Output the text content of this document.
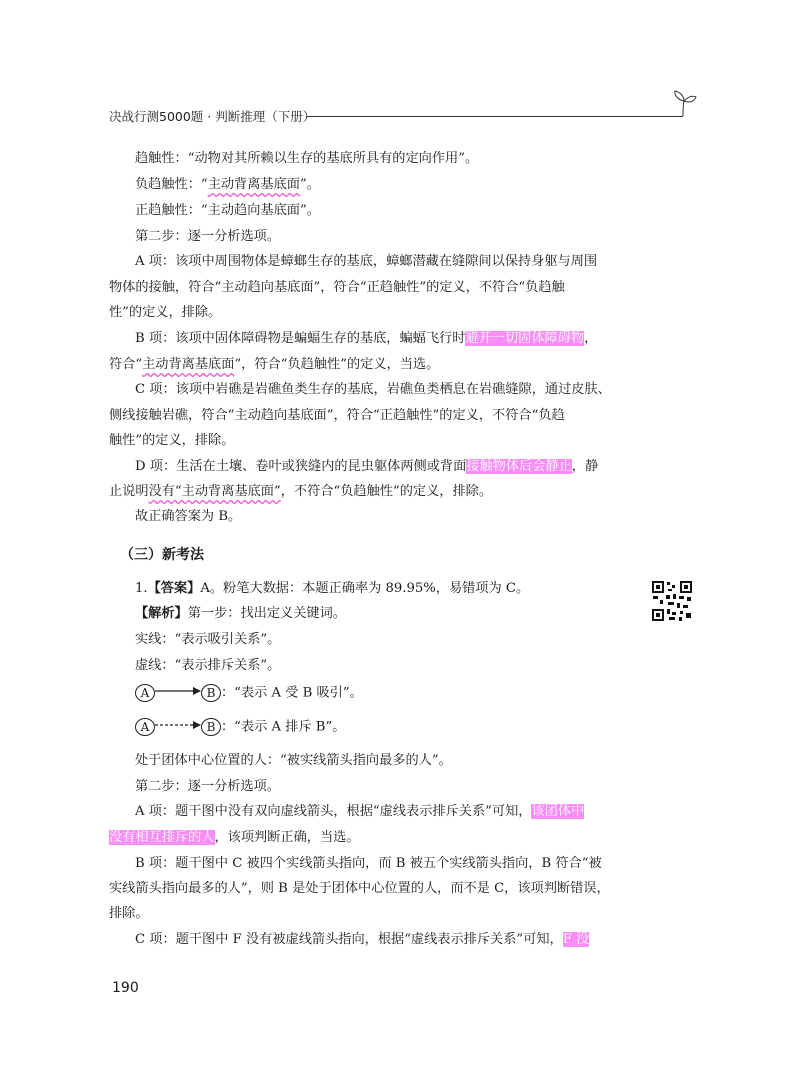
决战行测5000题 · 判断推理（下册）
趋触性：“动物对其所赖以生存的基底所具有的定向作用”。
负趋触性：“主动背离基底面”。
正趋触性：“主动趋向基底面”。
第二步：逐一分析选项。
A 项：该项中周围物体是蟑螂生存的基底，蟑螂潜藏在缝隙间以保持身躯与周围
物体的接触，符合“主动趋向基底面”，符合“正趋触性”的定义，不符合“负趋触
性”的定义，排除。
B 项：该项中固体障碍物是蝙蝠生存的基底，蝙蝠飞行时避开一切固体障碍物，
符合“主动背离基底面”，符合“负趋触性”的定义，当选。
C 项：该项中岩礁是岩礁鱼类生存的基底，岩礁鱼类栖息在岩礁缝隙，通过皮肤、
侧线接触岩礁，符合“主动趋向基底面”，符合“正趋触性”的定义，不符合“负趋
触性”的定义，排除。
D 项：生活在土壤、卷叶或狭缝内的昆虫躯体两侧或背面接触物体后会静止，静
止说明没有“主动背离基底面”，不符合“负趋触性”的定义，排除。
故正确答案为 B。
（三）新考法
1.【答案】A。粉笔大数据：本题正确率为 89.95%，易错项为 C。
【解析】第一步：找出定义关键词。
实线：“表示吸引关系”。
虚线：“表示排斥关系”。
A	B ：“表示 A 受 B 吸引”。
A	B ：“表示 A 排斥 B”。
处于团体中心位置的人：“被实线箭头指向最多的人”。
第二步：逐一分析选项。
A 项：题干图中没有双向虚线箭头，根据“虚线表示排斥关系”可知，该团体中
没有相互排斥的人，该项判断正确，当选。
B 项：题干图中 C 被四个实线箭头指向，而 B 被五个实线箭头指向，B 符合“被
实线箭头指向最多的人”，则 B 是处于团体中心位置的人，而不是 C，该项判断错误，
排除。
C 项：题干图中 F 没有被虚线箭头指向，根据“虚线表示排斥关系”可知，F 没
190
